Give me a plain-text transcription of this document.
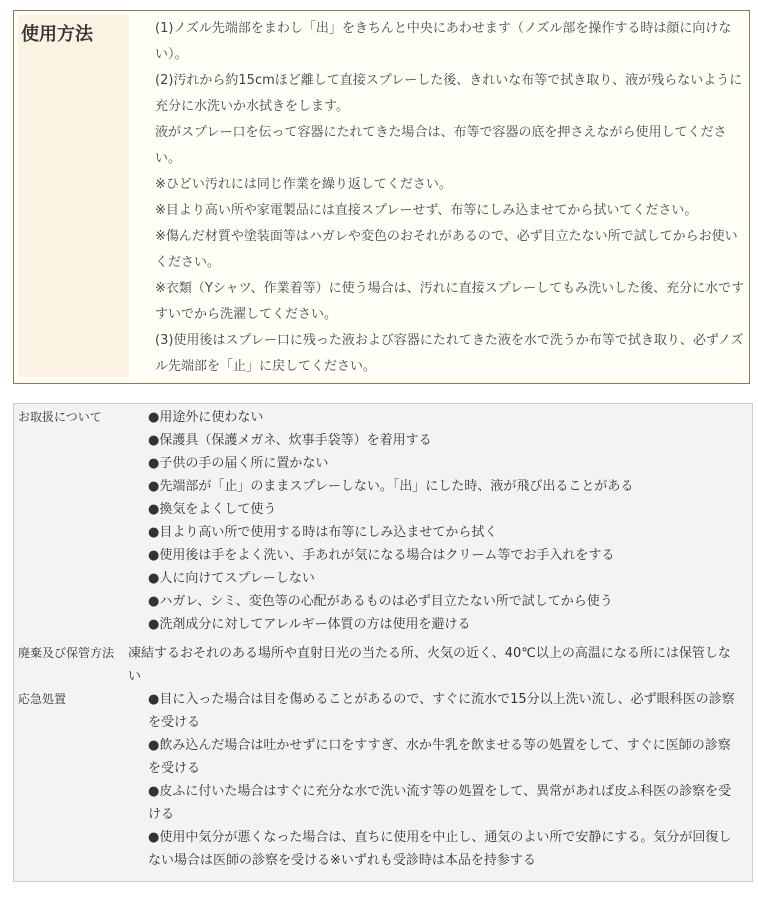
使用方法	(1)ノズル先端部をまわし「出」をきちんと中央にあわせます（ノズル部を操作する時は顔に向けない）。

(2)汚れから約15cmほど離して直接スプレーした後、きれいな布等で拭き取り、液が残らないように充分に水洗いか水拭きをします。

液がスプレー口を伝って容器にたれてきた場合は、布等で容器の底を押さえながら使用してください。

※ひどい汚れには同じ作業を繰り返してください。

※目より高い所や家電製品には直接スプレーせず、布等にしみ込ませてから拭いてください。

※傷んだ材質や塗装面等はハガレや変色のおそれがあるので、必ず目立たない所で試してからお使いください。

※衣類（Yシャツ、作業着等）に使う場合は、汚れに直接スプレーしてもみ洗いした後、充分に水ですすいでから洗濯してください。

(3)使用後はスプレー口に残った液および容器にたれてきた液を水で洗うか布等で拭き取り、必ずノズル先端部を「止」に戻してください。

お取扱について	●用途外に使わない

●保護具（保護メガネ、炊事手袋等）を着用する

●子供の手の届く所に置かない

●先端部が「止」のままスプレーしない。「出」にした時、液が飛び出ることがある

●換気をよくして使う

●目より高い所で使用する時は布等にしみ込ませてから拭く

●使用後は手をよく洗い、手あれが気になる場合はクリーム等でお手入れをする

●人に向けてスプレーしない

●ハガレ、シミ、変色等の心配があるものは必ず目立たない所で試してから使う

●洗剤成分に対してアレルギー体質の方は使用を避ける

廃棄及び保管方法 凍結するおそれのある場所や直射日光の当たる所、火気の近く、40℃以上の高温になる所には保管しない
応急処置	●目に入った場合は目を傷めることがあるので、すぐに流水で15分以上洗い流し、必ず眼科医の診察を受ける

●飲み込んだ場合は吐かせずに口をすすぎ、水か牛乳を飲ませる等の処置をして、すぐに医師の診察を受ける

●皮ふに付いた場合はすぐに充分な水で洗い流す等の処置をして、異常があれば皮ふ科医の診察を受ける

●使用中気分が悪くなった場合は、直ちに使用を中止し、通気のよい所で安静にする。気分が回復しない場合は医師の診察を受ける※いずれも受診時は本品を持参する
